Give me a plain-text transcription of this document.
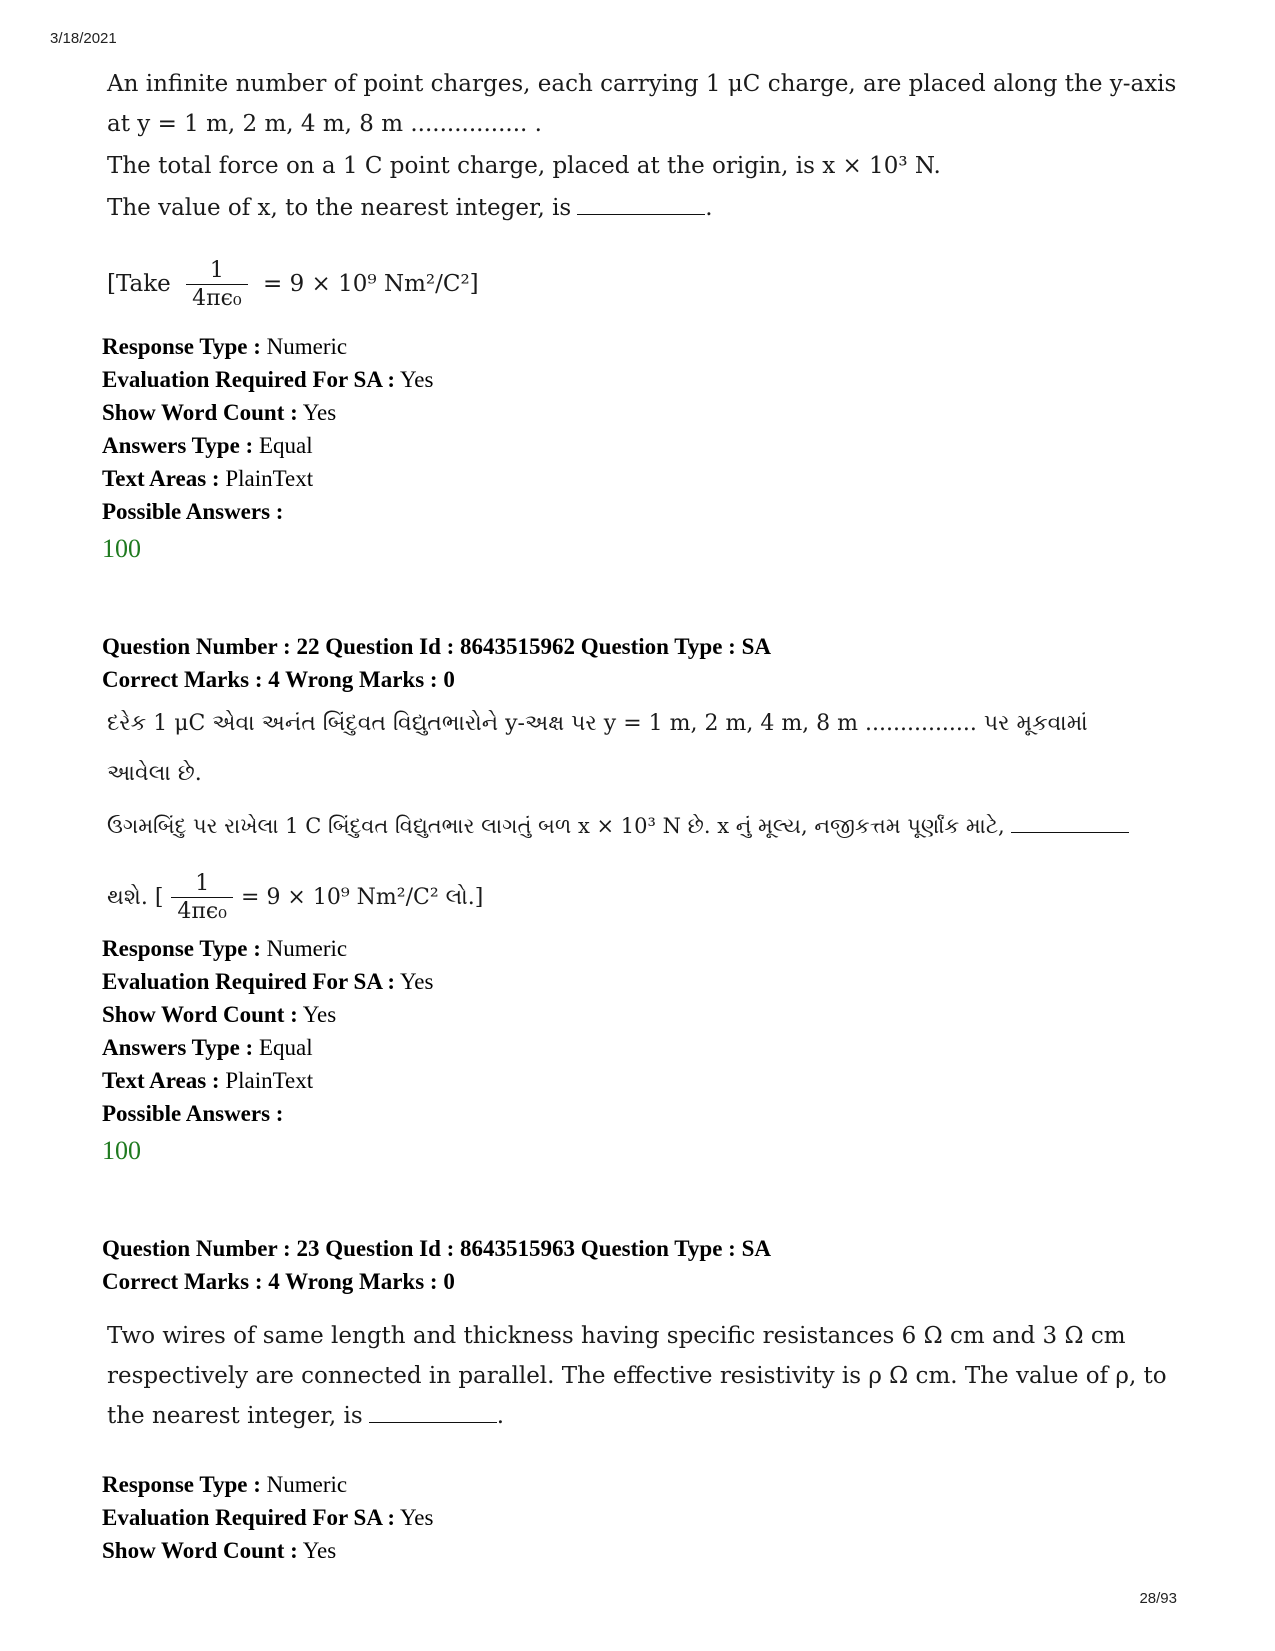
3/18/2021
An infinite number of point charges, each carrying 1 μC charge, are placed along the y-axis
at y = 1 m, 2 m, 4 m, 8 m ................ .
The total force on a 1 C point charge, placed at the origin, is x × 10³ N.
The value of x, to the nearest integer, is	.
[Take $\frac{1}{\text{4πϵ₀}} = 9 \times 10^9$ Nm²/C²]
Response Type : Numeric
Evaluation Required For SA : Yes
Show Word Count : Yes
Answers Type : Equal
Text Areas : PlainText
Possible Answers :
100
Question Number : 22 Question Id : 8643515962 Question Type : SA
Correct Marks : 4 Wrong Marks : 0
દરેક 1 μC એવા અનંત બિંદુવત વિદ્યુતભારોને y-અક્ષ પર y = 1 m, 2 m, 4 m, 8 m ................ પર મૂકવામાં
આવેલા છે.
ઉગમબિંદુ પર રાખેલા 1 C બિંદુવત વિદ્યુતભાર લાગતું બળ x × 10³ N છે. x નું મૂલ્ય, નજીકત્તમ પૂર્ણાંક માટે,
થશે. [ $\frac{1}{\text{4πϵ₀}} = 9 \times 10^9$ Nm²/C² લો.]
Response Type : Numeric
Evaluation Required For SA : Yes
Show Word Count : Yes
Answers Type : Equal
Text Areas : PlainText
Possible Answers :
100
Question Number : 23 Question Id : 8643515963 Question Type : SA
Correct Marks : 4 Wrong Marks : 0
Two wires of same length and thickness having specific resistances 6 Ω cm and 3 Ω cm
respectively are connected in parallel. The effective resistivity is ρ Ω cm. The value of ρ, to
the nearest integer, is	.
Response Type : Numeric
Evaluation Required For SA : Yes
Show Word Count : Yes
28/93
